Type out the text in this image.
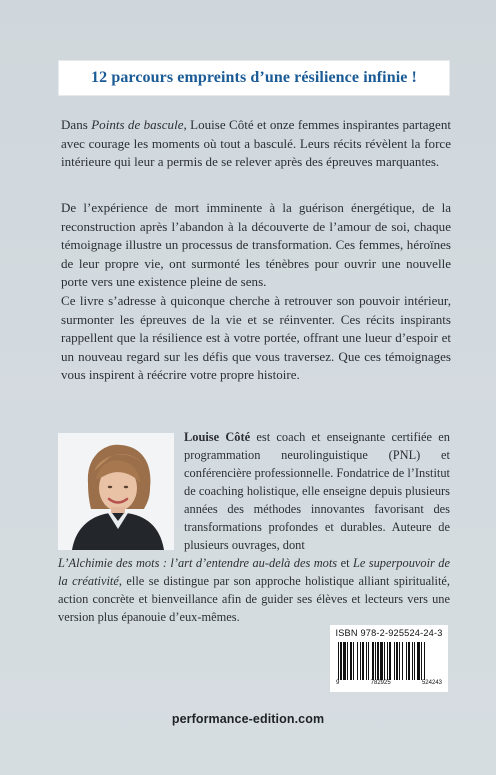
12 parcours empreints d’une résilience infinie !

Dans Points de bascule, Louise Côté et onze femmes inspirantes partagent avec courage les moments où tout a basculé. Leurs récits révèlent la force intérieure qui leur a permis de se relever après des épreuves marquantes.

De l’expérience de mort imminente à la guérison énergétique, de la reconstruction après l’abandon à la découverte de l’amour de soi, chaque témoignage illustre un processus de transformation. Ces femmes, héroïnes de leur propre vie, ont surmonté les ténèbres pour ouvrir une nouvelle porte vers une existence pleine de sens.

Ce livre s’adresse à quiconque cherche à retrouver son pouvoir intérieur, surmonter les épreuves de la vie et se réinventer. Ces récits inspirants rappellent que la résilience est à votre portée, offrant une lueur d’espoir et un nouveau regard sur les défis que vous traversez. Que ces témoignages vous inspirent à réécrire votre propre histoire.

Louise Côté est coach et enseignante certifiée en programmation neurolinguistique (PNL) et conférencière professionnelle. Fondatrice de l’Institut de coaching holistique, elle enseigne depuis plusieurs années des méthodes innovantes favorisant des transformations profondes et durables. Auteure de plusieurs ouvrages, dont

L’Alchimie des mots : l’art d’entendre au-delà des mots et Le superpouvoir de la créativité, elle se distingue par son approche holistique alliant spiritualité, action concrète et bienveillance afin de guider ses élèves et lecteurs vers une version plus épanouie d’eux-mêmes.

ISBN 978-2-925524-24-3
9	782925	524243
performance-edition.com
